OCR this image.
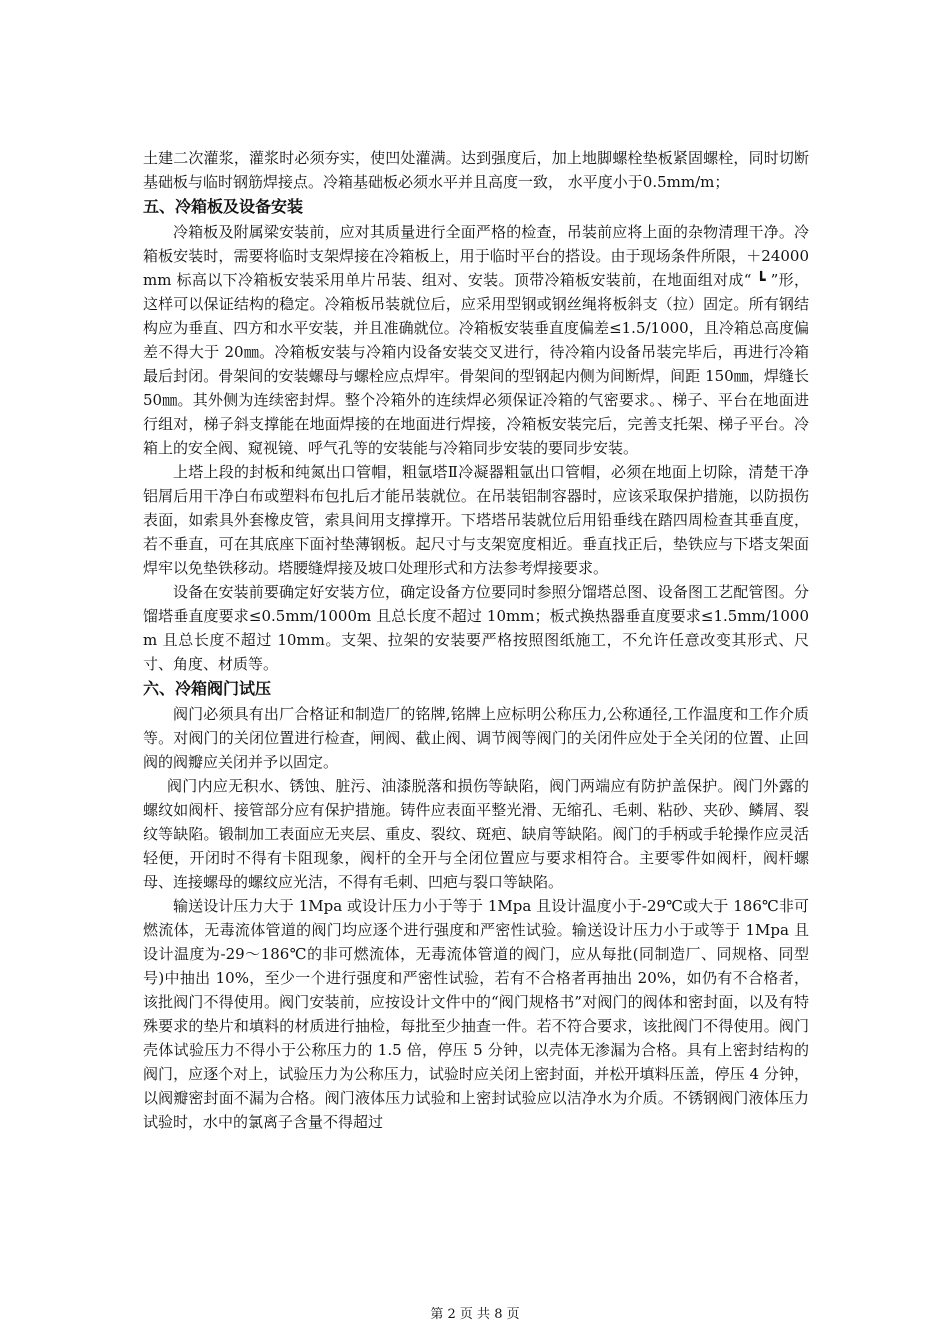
土建二次灌浆，灌浆时必须夯实，使凹处灌满。达到强度后，加上地脚螺栓垫板紧固螺栓，同时切断基础板与临时钢筋焊接点。冷箱基础板必须水平并且高度一致， 水平度小于0.5mm/m；

五、冷箱板及设备安装

冷箱板及附属梁安装前，应对其质量进行全面严格的检查，吊装前应将上面的杂物清理干净。冷箱板安装时，需要将临时支架焊接在冷箱板上，用于临时平台的搭设。由于现场条件所限，＋24000mm 标高以下冷箱板安装采用单片吊装、组对、安装。顶带冷箱板安装前，在地面组对成“ ┗ ”形，这样可以保证结构的稳定。冷箱板吊装就位后，应采用型钢或钢丝绳将板斜支（拉）固定。所有钢结构应为垂直、四方和水平安装，并且准确就位。冷箱板安装垂直度偏差≤1.5/1000，且冷箱总高度偏差不得大于 20㎜。冷箱板安装与冷箱内设备安装交叉进行，待冷箱内设备吊装完毕后，再进行冷箱最后封闭。骨架间的安装螺母与螺栓应点焊牢。骨架间的型钢起内侧为间断焊，间距 150㎜，焊缝长 50㎜。其外侧为连续密封焊。整个冷箱外的连续焊必须保证冷箱的气密要求。、梯子、平台在地面进行组对，梯子斜支撑能在地面焊接的在地面进行焊接，冷箱板安装完后，完善支托架、梯子平台。冷箱上的安全阀、窥视镜、呼气孔等的安装能与冷箱同步安装的要同步安装。

上塔上段的封板和纯氮出口管帽，粗氩塔Ⅱ冷凝器粗氩出口管帽，必须在地面上切除，清楚干净铝屑后用干净白布或塑料布包扎后才能吊装就位。在吊装铝制容器时，应该采取保护措施，以防损伤表面，如索具外套橡皮管，索具间用支撑撑开。下塔塔吊装就位后用铅垂线在踏四周检查其垂直度，若不垂直，可在其底座下面衬垫薄钢板。起尺寸与支架宽度相近。垂直找正后，垫铁应与下塔支架面焊牢以免垫铁移动。塔腰缝焊接及坡口处理形式和方法参考焊接要求。

设备在安装前要确定好安装方位，确定设备方位要同时参照分馏塔总图、设备图工艺配管图。分馏塔垂直度要求≤0.5mm/1000m 且总长度不超过 10mm；板式换热器垂直度要求≤1.5mm/1000m 且总长度不超过 10mm。支架、拉架的安装要严格按照图纸施工，不允许任意改变其形式、尺寸、角度、材质等。

六、冷箱阀门试压

阀门必须具有出厂合格证和制造厂的铭牌,铭牌上应标明公称压力,公称通径,工作温度和工作介质等。对阀门的关闭位置进行检查，闸阀、截止阀、调节阀等阀门的关闭件应处于全关闭的位置、止回阀的阀瓣应关闭并予以固定。

阀门内应无积水、锈蚀、脏污、油漆脱落和损伤等缺陷，阀门两端应有防护盖保护。阀门外露的螺纹如阀杆、接管部分应有保护措施。铸件应表面平整光滑、无缩孔、毛刺、粘砂、夹砂、鳞屑、裂纹等缺陷。锻制加工表面应无夹层、重皮、裂纹、斑疤、缺肩等缺陷。阀门的手柄或手轮操作应灵活轻便，开闭时不得有卡阻现象，阀杆的全开与全闭位置应与要求相符合。主要零件如阀杆，阀杆螺母、连接螺母的螺纹应光洁，不得有毛刺、凹疤与裂口等缺陷。

输送设计压力大于 1Mpa 或设计压力小于等于 1Mpa 且设计温度小于-29℃或大于 186℃非可燃流体，无毒流体管道的阀门均应逐个进行强度和严密性试验。输送设计压力小于或等于 1Mpa 且设计温度为-29～186℃的非可燃流体，无毒流体管道的阀门，应从每批(同制造厂、同规格、同型号)中抽出 10%，至少一个进行强度和严密性试验，若有不合格者再抽出 20%，如仍有不合格者，该批阀门不得使用。阀门安装前，应按设计文件中的“阀门规格书”对阀门的阀体和密封面，以及有特殊要求的垫片和填料的材质进行抽检，每批至少抽查一件。若不符合要求，该批阀门不得使用。阀门壳体试验压力不得小于公称压力的 1.5 倍，停压 5 分钟，以壳体无渗漏为合格。具有上密封结构的阀门，应逐个对上，试验压力为公称压力，试验时应关闭上密封面，并松开填料压盖，停压 4 分钟，以阀瓣密封面不漏为合格。阀门液体压力试验和上密封试验应以洁净水为介质。不锈钢阀门液体压力试验时，水中的氯离子含量不得超过

第 2 页 共 8 页
